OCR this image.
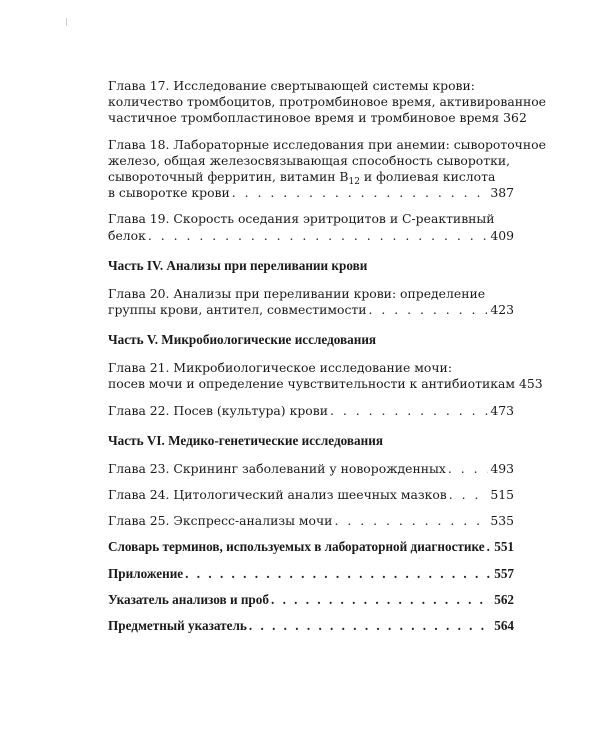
Глава 17. Исследование свертывающей системы крови:
количество тромбоцитов, протромбиновое время, активированное
частичное тромбопластиновое время и тромбиновое время 362
Глава 18. Лабораторные исследования при анемии: сывороточное
железо, общая железосвязывающая способность сыворотки,
сывороточный ферритин, витамин $B_{12}$ и фолиевая кислота
в сыворотке крови . . .	387
Глава 19. Скорость оседания эритроцитов и C-реактивный
белок . . .	409
Часть IV. Анализы при переливании крови
Глава 20. Анализы при переливании крови: определение
группы крови, антител, совместимости . . .	423
Часть V. Микробиологические исследования
Глава 21. Микробиологическое исследование мочи:
посев мочи и определение чувствительности к антибиотикам 453
Глава 22. Посев (культура) крови . . .	473
Часть VI. Медико-генетические исследования
Глава 23. Скрининг заболеваний у новорожденных . . .	493
Глава 24. Цитологический анализ шеечных мазков . . .	515
Глава 25. Экспресс-анализы мочи . . .	535
Словарь терминов, используемых в лабораторной диагностике . . . 551
Приложение . . .	557
Указатель анализов и проб . . .	562
Предметный указатель . . .	564
